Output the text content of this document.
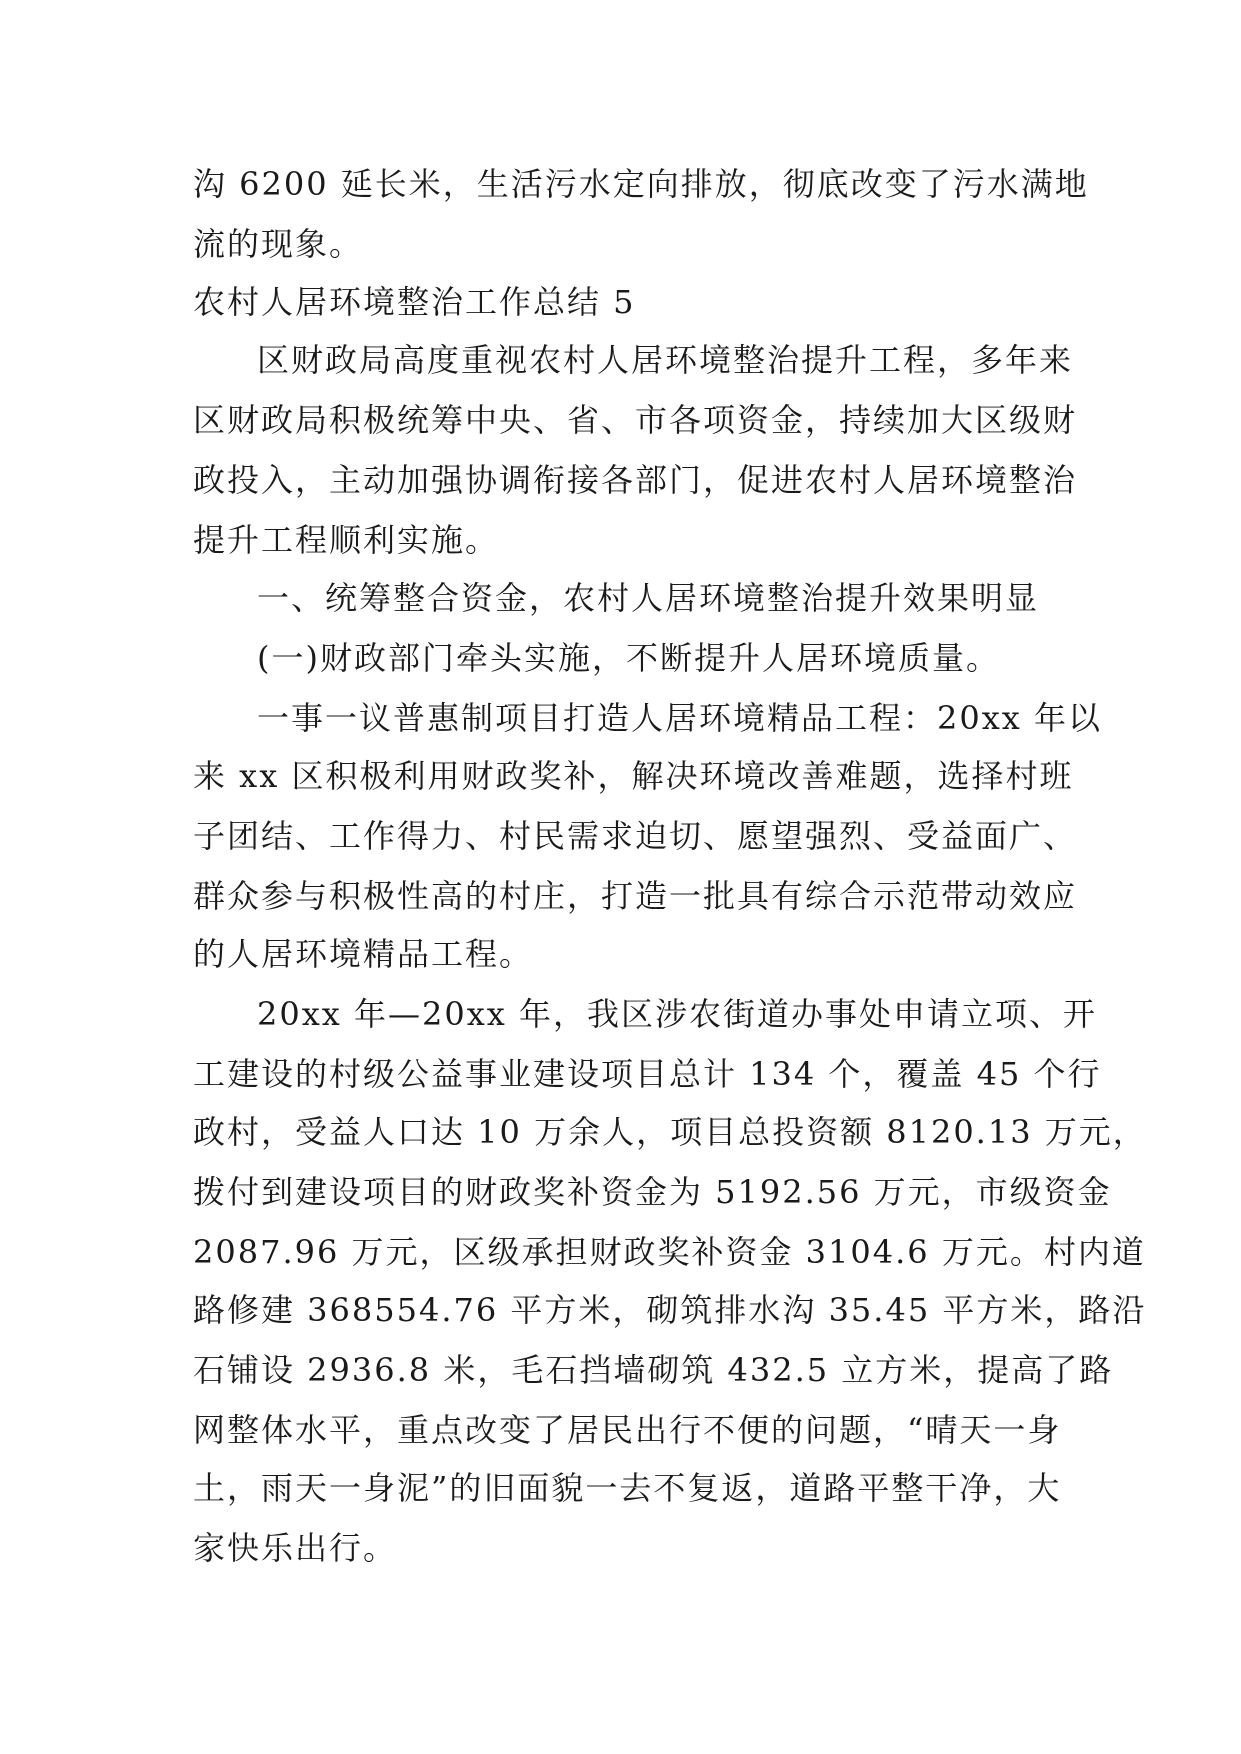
沟 6200 延长米，生活污水定向排放，彻底改变了污水满地
流的现象。
农村人居环境整治工作总结 5
区财政局高度重视农村人居环境整治提升工程，多年来
区财政局积极统筹中央、省、市各项资金，持续加大区级财
政投入，主动加强协调衔接各部门，促进农村人居环境整治
提升工程顺利实施。
一、统筹整合资金，农村人居环境整治提升效果明显
(一)财政部门牵头实施，不断提升人居环境质量。
一事一议普惠制项目打造人居环境精品工程：20xx 年以
来 xx 区积极利用财政奖补，解决环境改善难题，选择村班
子团结、工作得力、村民需求迫切、愿望强烈、受益面广、
群众参与积极性高的村庄，打造一批具有综合示范带动效应
的人居环境精品工程。
20xx 年—20xx 年，我区涉农街道办事处申请立项、开
工建设的村级公益事业建设项目总计 134 个，覆盖 45 个行
政村，受益人口达 10 万余人，项目总投资额 8120.13 万元，
拨付到建设项目的财政奖补资金为 5192.56 万元，市级资金
2087.96 万元，区级承担财政奖补资金 3104.6 万元。村内道
路修建 368554.76 平方米，砌筑排水沟 35.45 平方米，路沿
石铺设 2936.8 米，毛石挡墙砌筑 432.5 立方米，提高了路
网整体水平，重点改变了居民出行不便的问题，“晴天一身
土，雨天一身泥”的旧面貌一去不复返，道路平整干净，大
家快乐出行。
